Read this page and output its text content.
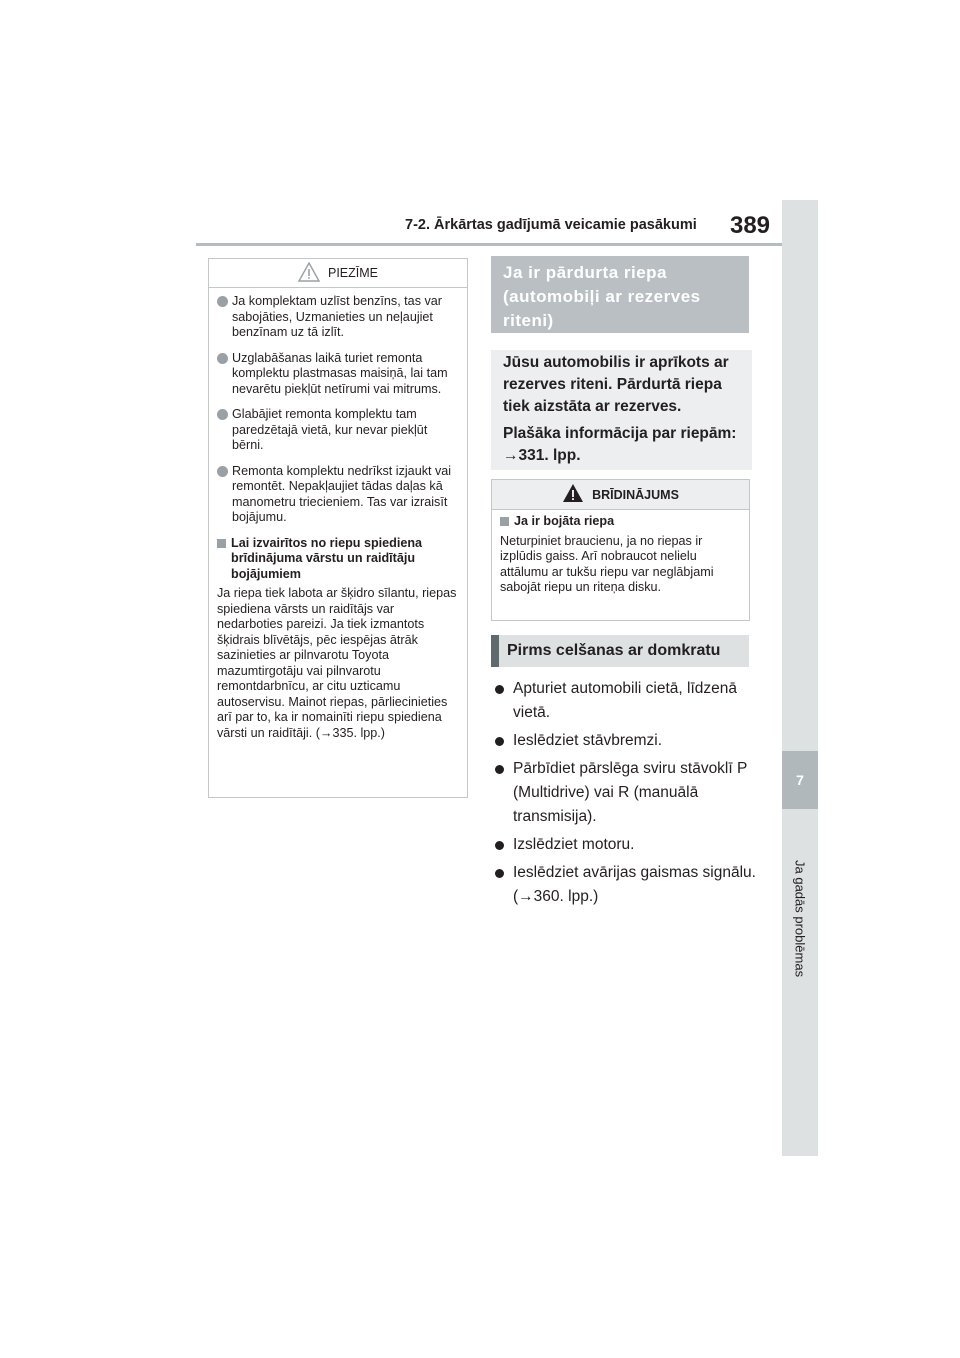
7-2. Ārkārtas gadījumā veicamie pasākumi	389
7
Ja gadās problēmas
PIEZĪME
Ja komplektam uzlīst benzīns, tas var sabojāties, Uzmanieties un neļaujiet benzīnam uz tā izlīt.
Uzglabāšanas laikā turiet remonta komplektu plastmasas maisiņā, lai tam nevarētu piekļūt netīrumi vai mitrums.
Glabājiet remonta komplektu tam paredzētajā vietā, kur nevar piekļūt bērni.
Remonta komplektu nedrīkst izjaukt vai remontēt. Nepakļaujiet tādas daļas kā manometru triecieniem. Tas var izraisīt bojājumu.
Lai izvairītos no riepu spiediena brīdinājuma vārstu un raidītāju bojājumiem
Ja riepa tiek labota ar šķidro sīlantu, riepas spiediena vārsts un raidītājs var nedarboties pareizi. Ja tiek izmantots šķidrais blīvētājs, pēc iespējas ātrāk sazinieties ar pilnvarotu Toyota mazumtirgotāju vai pilnvarotu remontdarbnīcu, ar citu uzticamu autoservisu. Mainot riepas, pārliecinieties arī par to, ka ir nomainīti riepu spiediena vārsti un raidītāji. (→335. lpp.)
Ja ir pārdurta riepa (automobiļi ar rezerves riteni)

Jūsu automobilis ir aprīkots ar rezerves riteni. Pārdurtā riepa tiek aizstāta ar rezerves.

Plašāka informācija par riepām: →331. lpp.

BRĪDINĀJUMS
Ja ir bojāta riepa
Neturpiniet braucienu, ja no riepas ir izplūdis gaiss. Arī nobraucot nelielu attālumu ar tukšu riepu var neglābjami sabojāt riepu un riteņa disku.
Pirms celšanas ar domkratu
Apturiet automobili cietā, līdzenā vietā.
Ieslēdziet stāvbremzi.
Pārbīdiet pārslēga sviru stāvoklī P (Multidrive) vai R (manuālā transmisija).
Izslēdziet motoru.
Ieslēdziet avārijas gaismas signālu. (→360. lpp.)
